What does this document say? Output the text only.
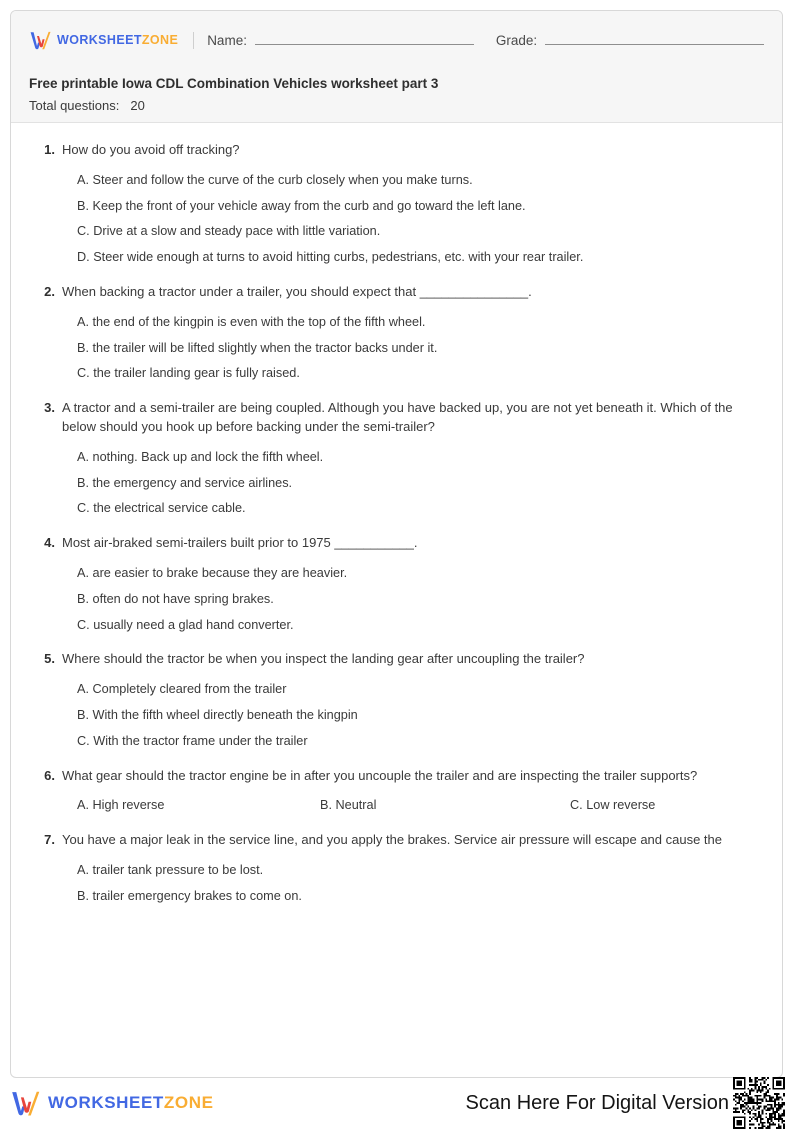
WORKSHEETZONE Name:	Grade:
Free printable Iowa CDL Combination Vehicles worksheet part 3
Total questions: 20
1. How do you avoid off tracking?
A. Steer and follow the curve of the curb closely when you make turns.
B. Keep the front of your vehicle away from the curb and go toward the left lane.
C. Drive at a slow and steady pace with little variation.
D. Steer wide enough at turns to avoid hitting curbs, pedestrians, etc. with your rear trailer.
2. When backing a tractor under a trailer, you should expect that _______________.
A. the end of the kingpin is even with the top of the fifth wheel.
B. the trailer will be lifted slightly when the tractor backs under it.
C. the trailer landing gear is fully raised.
3. A tractor and a semi-trailer are being coupled. Although you have backed up, you are not yet beneath it. Which of the below should you hook up before backing under the semi-trailer?
A. nothing. Back up and lock the fifth wheel.
B. the emergency and service airlines.
C. the electrical service cable.
4. Most air-braked semi-trailers built prior to 1975 ___________.
A. are easier to brake because they are heavier.
B. often do not have spring brakes.
C. usually need a glad hand converter.
5. Where should the tractor be when you inspect the landing gear after uncoupling the trailer?
A. Completely cleared from the trailer
B. With the fifth wheel directly beneath the kingpin
C. With the tractor frame under the trailer
6. What gear should the tractor engine be in after you uncouple the trailer and are inspecting the trailer supports?
A. High reverse	B. Neutral	C. Low reverse
7. You have a major leak in the service line, and you apply the brakes. Service air pressure will escape and cause the
A. trailer tank pressure to be lost.
B. trailer emergency brakes to come on.
WORKSHEETZONE	Scan Here For Digital Version
